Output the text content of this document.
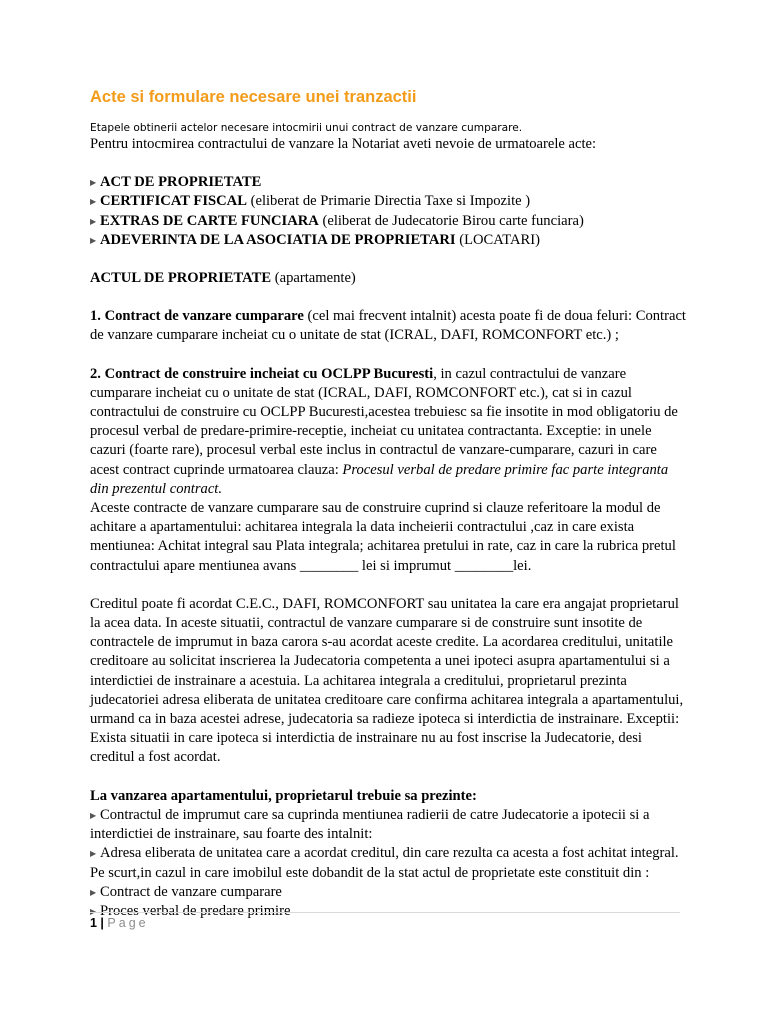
Acte si formulare necesare unei tranzactii

Etapele obtinerii actelor necesare intocmirii unui contract de vanzare cumparare.

Pentru intocmirea contractului de vanzare la Notariat aveti nevoie de urmatoarele acte:

▶ ACT DE PROPRIETATE
▶ CERTIFICAT FISCAL (eliberat de Primarie Directia Taxe si Impozite )
▶ EXTRAS DE CARTE FUNCIARA (eliberat de Judecatorie Birou carte funciara)
▶ ADEVERINTA DE LA ASOCIATIA DE PROPRIETARI (LOCATARI)

ACTUL DE PROPRIETATE (apartamente)

1. Contract de vanzare cumparare (cel mai frecvent intalnit) acesta poate fi de doua feluri: Contract de vanzare cumparare incheiat cu o unitate de stat (ICRAL, DAFI, ROMCONFORT etc.) ;

2. Contract de construire incheiat cu OCLPP Bucuresti, in cazul contractului de vanzare cumparare incheiat cu o unitate de stat (ICRAL, DAFI, ROMCONFORT etc.), cat si in cazul contractului de construire cu OCLPP Bucuresti,acestea trebuiesc sa fie insotite in mod obligatoriu de procesul verbal de predare-primire-receptie, incheiat cu unitatea contractanta. Exceptie: in unele cazuri (foarte rare), procesul verbal este inclus in contractul de vanzare-cumparare, cazuri in care acest contract cuprinde urmatoarea clauza: Procesul verbal de predare primire fac parte integranta din prezentul contract.

Aceste contracte de vanzare cumparare sau de construire cuprind si clauze referitoare la modul de achitare a apartamentului: achitarea integrala la data incheierii contractului ,caz in care exista mentiunea: Achitat integral sau Plata integrala; achitarea pretului in rate, caz in care la rubrica pretul contractului apare mentiunea avans ________ lei si imprumut ________lei.

Creditul poate fi acordat C.E.C., DAFI, ROMCONFORT sau unitatea la care era angajat proprietarul la acea data. In aceste situatii, contractul de vanzare cumparare si de construire sunt insotite de contractele de imprumut in baza carora s-au acordat aceste credite. La acordarea creditului, unitatile creditoare au solicitat inscrierea la Judecatoria competenta a unei ipoteci asupra apartamentului si a interdictiei de instrainare a acestuia. La achitarea integrala a creditului, proprietarul prezinta judecatoriei adresa eliberata de unitatea creditoare care confirma achitarea integrala a apartamentului, urmand ca in baza acestei adrese, judecatoria sa radieze ipoteca si interdictia de instrainare. Exceptii: Exista situatii in care ipoteca si interdictia de instrainare nu au fost inscrise la Judecatorie, desi creditul a fost acordat.

La vanzarea apartamentului, proprietarul trebuie sa prezinte:

▶ Contractul de imprumut care sa cuprinda mentiunea radierii de catre Judecatorie a ipotecii si a interdictiei de instrainare, sau foarte des intalnit:
▶ Adresa eliberata de unitatea care a acordat creditul, din care rezulta ca acesta a fost achitat integral. Pe scurt,in cazul in care imobilul este dobandit de la stat actul de proprietate este constituit din :
▶ Contract de vanzare cumparare
▶ Proces verbal de predare primire
1 | Page
